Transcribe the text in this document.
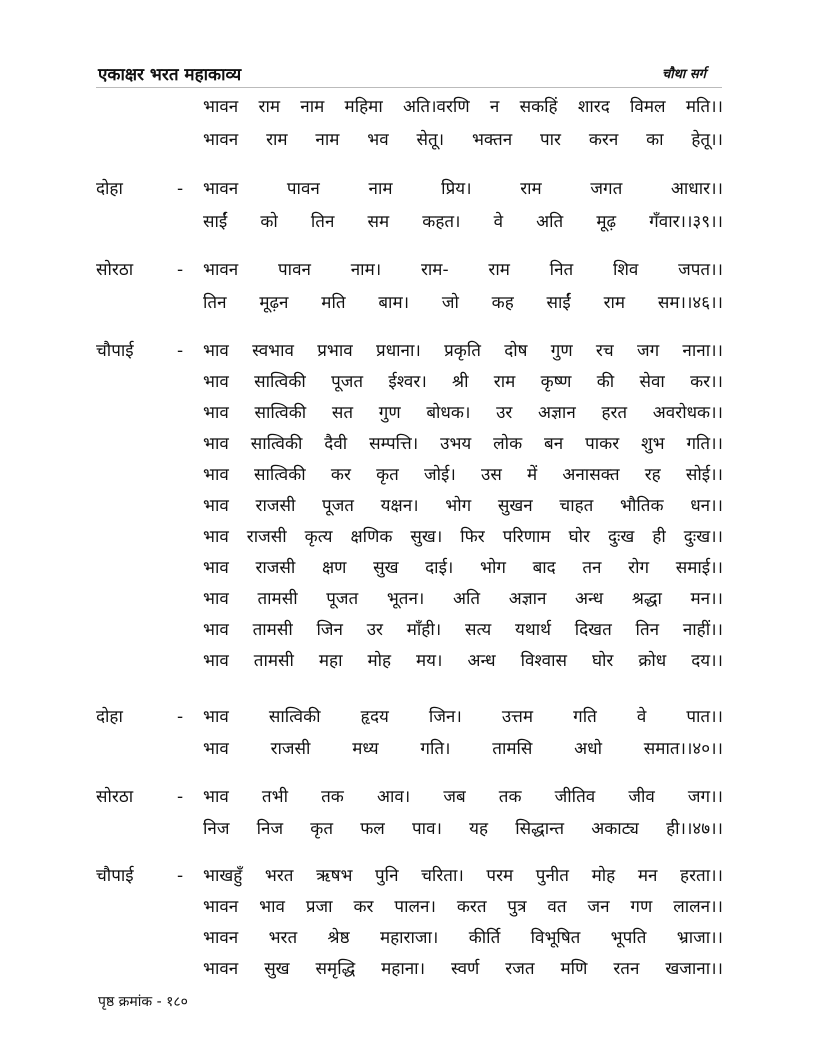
एकाक्षर भरत महाकाव्य	चौथा सर्ग
भावन राम नाम महिमा अति।वरणि न सकहिं शारद विमल मति।।
भावन राम नाम भव सेतू। भक्तन पार करन का हेतू।।
दोहा	- भावन पावन नाम प्रिय। राम जगत आधार।।
साईं को तिन सम कहत। वे अति मूढ़ गँवार।।३९।।
सोरठा	- भावन पावन नाम। राम- राम नित शिव जपत।।
तिन मूढ़न मति बाम। जो कह साईं राम सम।।४६।।
चौपाई	- भाव स्वभाव प्रभाव प्रधाना। प्रकृति दोष गुण रच जग नाना।।
भाव सात्विकी पूजत ईश्वर। श्री राम कृष्ण की सेवा कर।।
भाव सात्विकी सत गुण बोधक। उर अज्ञान हरत अवरोधक।।
भाव सात्विकी दैवी सम्पत्ति। उभय लोक बन पाकर शुभ गति।।
भाव सात्विकी कर कृत जोई। उस में अनासक्त रह सोई।।
भाव राजसी पूजत यक्षन। भोग सुखन चाहत भौतिक धन।।
भाव राजसी कृत्य क्षणिक सुख। फिर परिणाम घोर दुःख ही दुःख।।
भाव राजसी क्षण सुख दाई। भोग बाद तन रोग समाई।।
भाव तामसी पूजत भूतन। अति अज्ञान अन्ध श्रद्धा मन।।
भाव तामसी जिन उर माँही। सत्य यथार्थ दिखत तिन नाहीं।।
भाव तामसी महा मोह मय। अन्ध विश्वास घोर क्रोध दय।।
दोहा	- भाव सात्विकी हृदय जिन। उत्तम गति वे पात।।
भाव राजसी मध्य गति। तामसि अधो समात।।४०।।
सोरठा	- भाव तभी तक आव। जब तक जीतिव जीव जग।।
निज निज कृत फल पाव। यह सिद्धान्त अकाट्य ही।।४७।।
चौपाई	- भाखहुँ भरत ऋषभ पुनि चरिता। परम पुनीत मोह मन हरता।।
भावन भाव प्रजा कर पालन। करत पुत्र वत जन गण लालन।।
भावन भरत श्रेष्ठ महाराजा। कीर्ति विभूषित भूपति भ्राजा।।
भावन सुख समृद्धि महाना। स्वर्ण रजत मणि रतन खजाना।।
पृष्ठ क्रमांक - १८०
